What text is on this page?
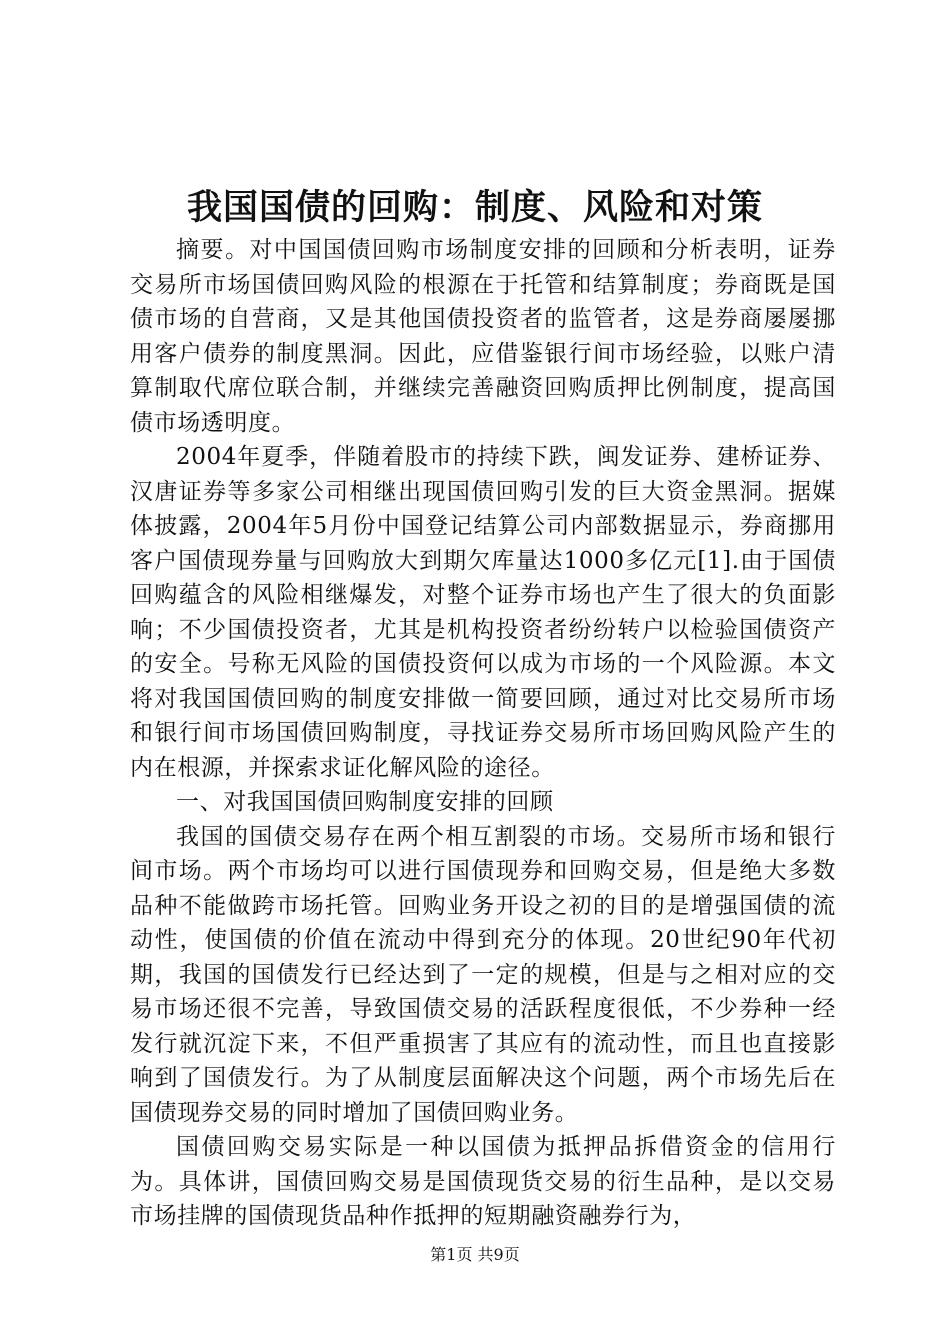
我国国债的回购：制度、风险和对策

摘要。对中国国债回购市场制度安排的回顾和分析表明，证券交易所市场国债回购风险的根源在于托管和结算制度；券商既是国债市场的自营商，又是其他国债投资者的监管者，这是券商屡屡挪用客户债券的制度黑洞。因此，应借鉴银行间市场经验，以账户清算制取代席位联合制，并继续完善融资回购质押比例制度，提高国债市场透明度。

2004年夏季，伴随着股市的持续下跌，闽发证券、建桥证券、汉唐证券等多家公司相继出现国债回购引发的巨大资金黑洞。据媒体披露，2004年5月份中国登记结算公司内部数据显示，券商挪用客户国债现券量与回购放大到期欠库量达1000多亿元[1].由于国债回购蕴含的风险相继爆发，对整个证券市场也产生了很大的负面影响；不少国债投资者，尤其是机构投资者纷纷转户以检验国债资产的安全。号称无风险的国债投资何以成为市场的一个风险源。本文将对我国国债回购的制度安排做一简要回顾，通过对比交易所市场和银行间市场国债回购制度，寻找证券交易所市场回购风险产生的内在根源，并探索求证化解风险的途径。

一、对我国国债回购制度安排的回顾

我国的国债交易存在两个相互割裂的市场。交易所市场和银行间市场。两个市场均可以进行国债现券和回购交易，但是绝大多数品种不能做跨市场托管。回购业务开设之初的目的是增强国债的流动性，使国债的价值在流动中得到充分的体现。20世纪90年代初期，我国的国债发行已经达到了一定的规模，但是与之相对应的交易市场还很不完善，导致国债交易的活跃程度很低，不少券种一经发行就沉淀下来，不但严重损害了其应有的流动性，而且也直接影响到了国债发行。为了从制度层面解决这个问题，两个市场先后在国债现券交易的同时增加了国债回购业务。

国债回购交易实际是一种以国债为抵押品拆借资金的信用行为。具体讲，国债回购交易是国债现货交易的衍生品种，是以交易市场挂牌的国债现货品种作抵押的短期融资融券行为，

第1页 共9页
